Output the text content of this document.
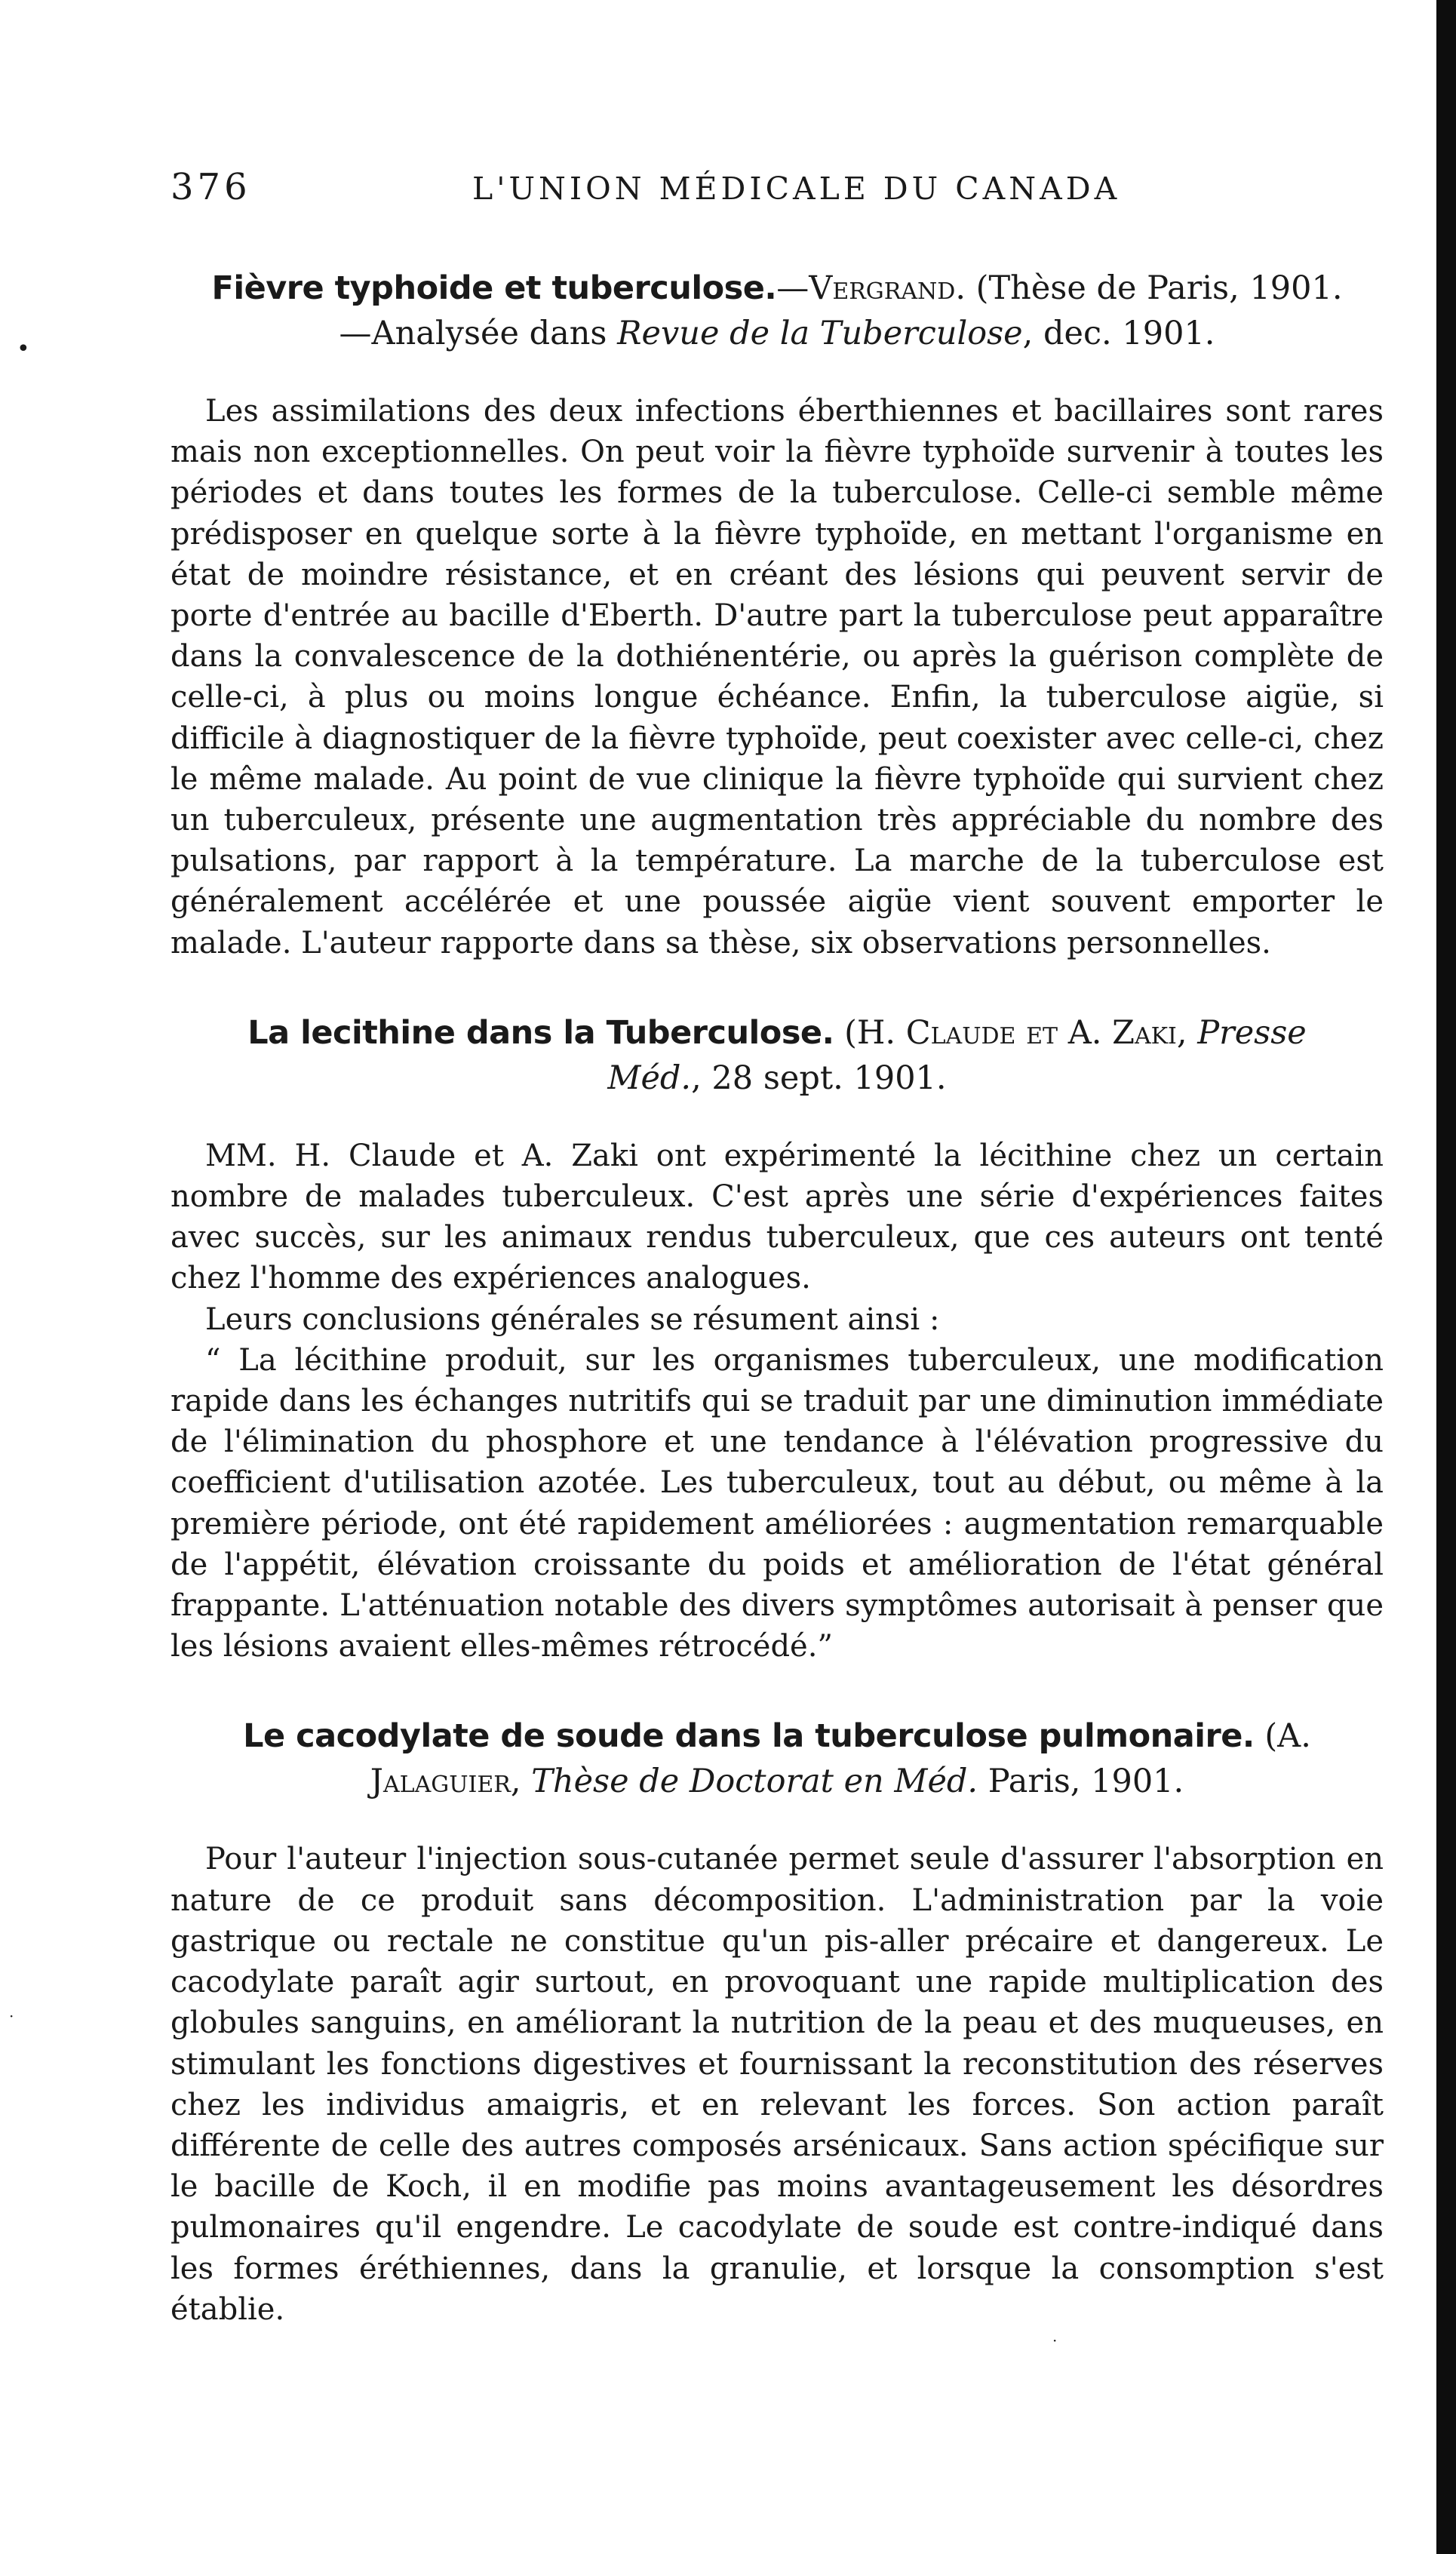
•
·
·
376	L'UNION MÉDICALE DU CANADA
Fièvre typhoide et tuberculose.—Vergrand. (Thèse de Paris, 1901.—Analysée dans Revue de la Tuberculose, dec. 1901.

Les assimilations des deux infections éberthiennes et bacillaires sont rares mais non exceptionnelles. On peut voir la fièvre typhoïde survenir à toutes les périodes et dans toutes les formes de la tuberculose. Celle-ci semble même prédisposer en quelque sorte à la fièvre typhoïde, en mettant l'organisme en état de moindre résistance, et en créant des lésions qui peuvent servir de porte d'entrée au bacille d'Eberth. D'autre part la tuberculose peut apparaître dans la convalescence de la dothiénentérie, ou après la guérison complète de celle-ci, à plus ou moins longue échéance. Enfin, la tuberculose aigüe, si difficile à diagnostiquer de la fièvre typhoïde, peut coexister avec celle-ci, chez le même malade. Au point de vue clinique la fièvre typhoïde qui survient chez un tuberculeux, présente une augmentation très appréciable du nombre des pulsations, par rapport à la température. La marche de la tuberculose est généralement accélérée et une poussée aigüe vient souvent emporter le malade. L'auteur rapporte dans sa thèse, six observations personnelles.

La lecithine dans la Tuberculose. (H. Claude et A. Zaki, Presse Méd., 28 sept. 1901.

MM. H. Claude et A. Zaki ont expérimenté la lécithine chez un certain nombre de malades tuberculeux. C'est après une série d'expériences faites avec succès, sur les animaux rendus tuberculeux, que ces auteurs ont tenté chez l'homme des expériences analogues.

Leurs conclusions générales se résument ainsi :

“ La lécithine produit, sur les organismes tuberculeux, une modification rapide dans les échanges nutritifs qui se traduit par une diminution immédiate de l'élimination du phosphore et une tendance à l'élévation progressive du coefficient d'utilisation azotée. Les tuberculeux, tout au début, ou même à la première période, ont été rapidement améliorées : augmentation remarquable de l'appétit, élévation croissante du poids et amélioration de l'état général frappante. L'atténuation notable des divers symptômes autorisait à penser que les lésions avaient elles-mêmes rétrocédé.”

Le cacodylate de soude dans la tuberculose pulmonaire. (A. Jalaguier, Thèse de Doctorat en Méd. Paris, 1901.

Pour l'auteur l'injection sous-cutanée permet seule d'assurer l'absorption en nature de ce produit sans décomposition. L'administration par la voie gastrique ou rectale ne constitue qu'un pis-aller précaire et dangereux. Le cacodylate paraît agir surtout, en provoquant une rapide multiplication des globules sanguins, en améliorant la nutrition de la peau et des muqueuses, en stimulant les fonctions digestives et fournissant la reconstitution des réserves chez les individus amaigris, et en relevant les forces. Son action paraît différente de celle des autres composés arsénicaux. Sans action spécifique sur le bacille de Koch, il en modifie pas moins avantageusement les désordres pulmonaires qu'il engendre. Le cacodylate de soude est contre-indiqué dans les formes éréthiennes, dans la granulie, et lorsque la consomption s'est établie.
